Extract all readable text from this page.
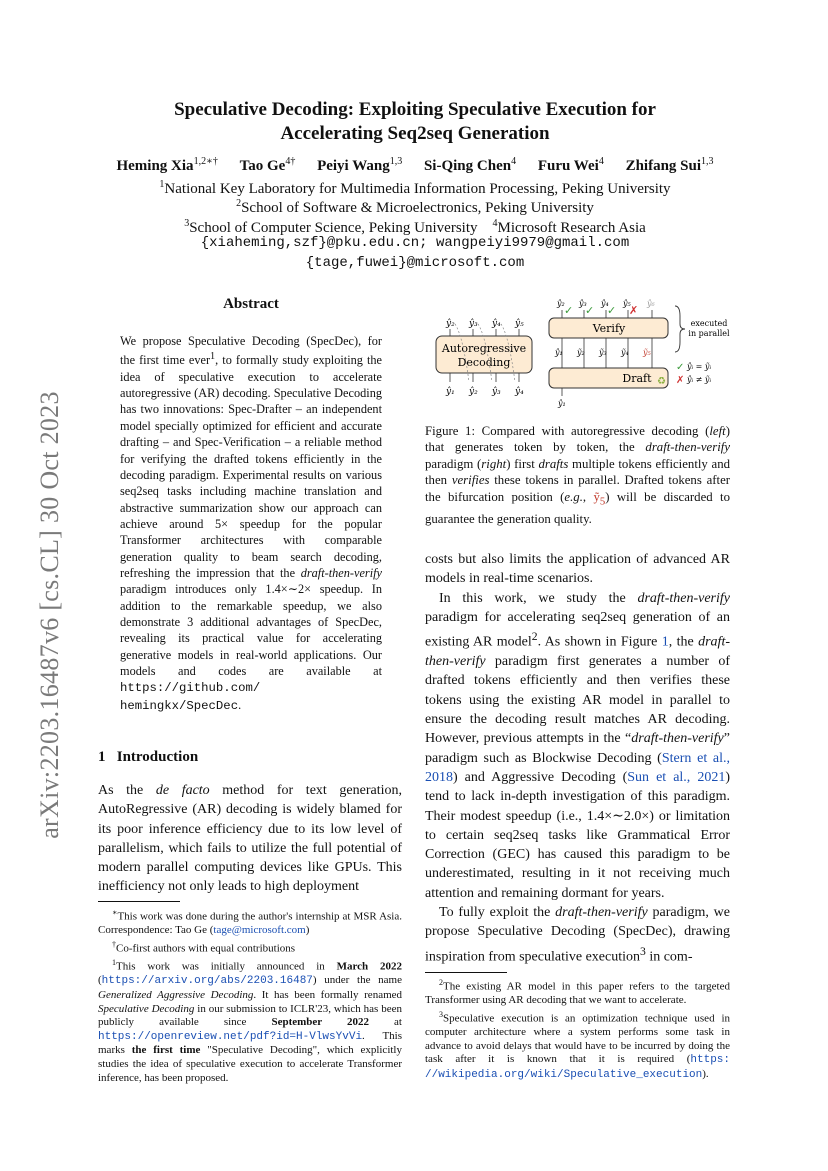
arXiv:2203.16487v6 [cs.CL] 30 Oct 2023
Speculative Decoding: Exploiting Speculative Execution for
Accelerating Seq2seq Generation
Heming Xia$^{1,2∗\dagger}$ Tao $Ge^{4\dagger}$ Peiyi Wang$^{1,3}$ Si-Qing Chen$^4$ Furu Wei$^4$ Zhifang Sui$^{1,3}$
$^1$National Key Laboratory for Multimedia Information Processing, Peking University
$^2$School of Software & Microelectronics, Peking University
$^3$School of Computer Science, Peking University $^4$Microsoft Research Asia
{xiaheming,szf}@pku.edu.cn; wangpeiyi9979@gmail.com
{tage,fuwei}@microsoft.com
Abstract
We propose Speculative Decoding (SpecDec), for the first time ever$^1$, to formally study exploiting the idea of speculative execution to accelerate autoregressive (AR) decoding. Speculative Decoding has two innovations: Spec-Drafter – an independent model specially optimized for efficient and accurate drafting – and Spec-Verification – a reliable method for verifying the drafted tokens efficiently in the decoding paradigm. Experimental results on various seq2seq tasks including machine translation and abstractive summarization show our approach can achieve around 5× speedup for the popular Transformer architectures with comparable generation quality to beam search decoding, refreshing the impression that the draft-then-verify paradigm introduces only 1.4×∼2× speedup. In addition to the remarkable speedup, we also demonstrate 3 additional advantages of SpecDec, revealing its practical value for accelerating generative models in real-world applications. Our models and codes are available at https://github.com/ hemingkx/SpecDec.
1 Introduction
As the de facto method for text generation, AutoRegressive (AR) decoding is widely blamed for its poor inference efficiency due to its low level of parallelism, which fails to utilize the full potential of modern parallel computing devices like GPUs. This inefficiency not only leads to high deployment

∗This work was done during the author's internship at MSR Asia. Correspondence: Tao Ge (tage@microsoft.com)

†Co-first authors with equal contributions

$^1$This work was initially announced in March 2022 (https://arxiv.org/abs/2203.16487) under the name Generalized Aggressive Decoding. It has been formally renamed Speculative Decoding in our submission to ICLR'23, which has been publicly available since September 2022 at https://openreview.net/pdf?id=H-VlwsYvVi. This marks the first time "Speculative Decoding", which explicitly studies the idea of speculative execution to accelerate Transformer inference, has been proposed.

Autoregressive
Decoding
ŷ₂ ŷ₃ ŷ₄ ŷ₅
ŷ₁ ŷ₂ ŷ₃ ŷ₄
Verify
Draft
ŷ₂ ŷ₃ ŷ₄ ŷ₅ ŷ₆
✓ ✓ ✓ ✗
ŷ₁ ỹ₂ ỹ₃ ỹ₄ ỹ₅
ŷ₁
♻
executed
in parallel
✓ ŷᵢ = ỹᵢ
✗ ŷᵢ ≠ ỹᵢ
Figure 1: Compared with autoregressive decoding (left) that generates token by token, the draft-then-verify paradigm (right) first drafts multiple tokens efficiently and then verifies these tokens in parallel. Drafted tokens after the bifurcation position (e.g., ỹ$_5$) will be discarded to guarantee the generation quality.

costs but also limits the application of advanced AR models in real-time scenarios.

In this work, we study the draft-then-verify paradigm for accelerating seq2seq generation of an existing AR model$^2$. As shown in Figure 1, the draft-then-verify paradigm first generates a number of drafted tokens efficiently and then verifies these tokens using the existing AR model in parallel to ensure the decoding result matches AR decoding. However, previous attempts in the “draft-then-verify” paradigm such as Blockwise Decoding (Stern et al., 2018) and Aggressive Decoding (Sun et al., 2021) tend to lack in-depth investigation of this paradigm. Their modest speedup (i.e., 1.4×∼2.0×) or limitation to certain seq2seq tasks like Grammatical Error Correction (GEC) has caused this paradigm to be underestimated, resulting in it not receiving much attention and remaining dormant for years.

To fully exploit the draft-then-verify paradigm, we propose Speculative Decoding (SpecDec), drawing inspiration from speculative execution$^3$ in com-

$^2$The existing AR model in this paper refers to the targeted Transformer using AR decoding that we want to accelerate.

$^3$Speculative execution is an optimization technique used in computer architecture where a system performs some task in advance to avoid delays that would have to be incurred by doing the task after it is known that it is required (https: //wikipedia.org/wiki/Speculative_execution).
